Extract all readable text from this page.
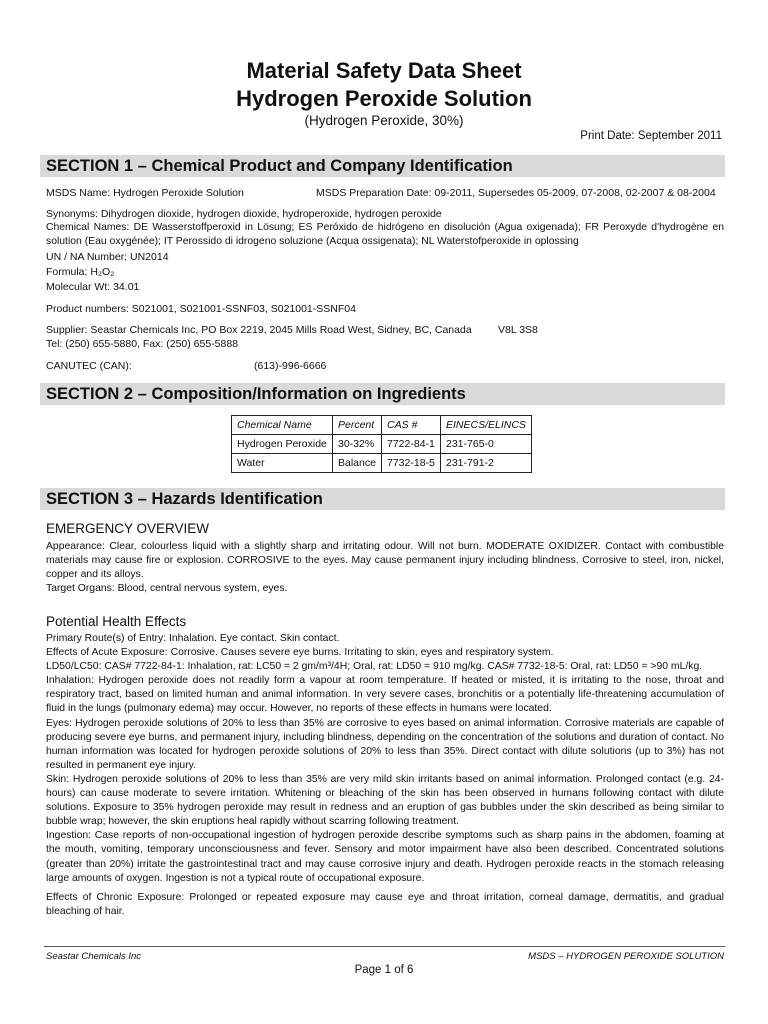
Material Safety Data Sheet
Hydrogen Peroxide Solution
(Hydrogen Peroxide, 30%)
Print Date: September 2011
SECTION 1 – Chemical Product and Company Identification
MSDS Name: Hydrogen Peroxide Solution	MSDS Preparation Date: 09-2011, Supersedes 05-2009, 07-2008, 02-2007 & 08-2004
Synonyms: Dihydrogen dioxide, hydrogen dioxide, hydroperoxide, hydrogen peroxide

Chemical Names: DE Wasserstoffperoxid in Lösung; ES Peróxido de hidrógeno en disolución (Agua oxigenada); FR Peroxyde d'hydrogène en solution (Eau oxygénée); IT Perossido di idrogeno soluzione (Acqua ossigenata); NL Waterstofperoxide in oplossing

UN / NA Number: UN2014
Formula: H₂O₂
Molecular Wt: 34.01
Product numbers: S021001, S021001-SSNF03, S021001-SSNF04
Supplier: Seastar Chemicals Inc, PO Box 2219, 2045 Mills Road West, Sidney, BC, Canada	V8L 3S8
Tel: (250) 655-5880, Fax: (250) 655-5888
CANUTEC (CAN):	(613)-996-6666
SECTION 2 – Composition/Information on Ingredients
Chemical Name	Percent	CAS #	EINECS/ELINCS
Hydrogen Peroxide	30-32%	7722-84-1	231-765-0
Water	Balance	7732-18-5	231-791-2
SECTION 3 – Hazards Identification
EMERGENCY OVERVIEW

Appearance: Clear, colourless liquid with a slightly sharp and irritating odour. Will not burn. MODERATE OXIDIZER. Contact with combustible materials may cause fire or explosion. CORROSIVE to the eyes. May cause permanent injury including blindness. Corrosive to steel, iron, nickel, copper and its alloys.

Target Organs: Blood, central nervous system, eyes.

Potential Health Effects

Primary Route(s) of Entry: Inhalation. Eye contact. Skin contact.

Effects of Acute Exposure: Corrosive. Causes severe eye burns. Irritating to skin, eyes and respiratory system.

LD50/LC50: CAS# 7722-84-1: Inhalation, rat: LC50 = 2 gm/m³/4H; Oral, rat: LD50 = 910 mg/kg. CAS# 7732-18-5: Oral, rat: LD50 = >90 mL/kg.

Inhalation: Hydrogen peroxide does not readily form a vapour at room temperature. If heated or misted, it is irritating to the nose, throat and respiratory tract, based on limited human and animal information. In very severe cases, bronchitis or a potentially life-threatening accumulation of fluid in the lungs (pulmonary edema) may occur. However, no reports of these effects in humans were located.

Eyes: Hydrogen peroxide solutions of 20% to less than 35% are corrosive to eyes based on animal information. Corrosive materials are capable of producing severe eye burns, and permanent injury, including blindness, depending on the concentration of the solutions and duration of contact. No human information was located for hydrogen peroxide solutions of 20% to less than 35%. Direct contact with dilute solutions (up to 3%) has not resulted in permanent eye injury.

Skin: Hydrogen peroxide solutions of 20% to less than 35% are very mild skin irritants based on animal information. Prolonged contact (e.g. 24-hours) can cause moderate to severe irritation. Whitening or bleaching of the skin has been observed in humans following contact with dilute solutions. Exposure to 35% hydrogen peroxide may result in redness and an eruption of gas bubbles under the skin described as being similar to bubble wrap; however, the skin eruptions heal rapidly without scarring following treatment.

Ingestion: Case reports of non-occupational ingestion of hydrogen peroxide describe symptoms such as sharp pains in the abdomen, foaming at the mouth, vomiting, temporary unconsciousness and fever. Sensory and motor impairment have also been described. Concentrated solutions (greater than 20%) irritate the gastrointestinal tract and may cause corrosive injury and death. Hydrogen peroxide reacts in the stomach releasing large amounts of oxygen. Ingestion is not a typical route of occupational exposure.

Effects of Chronic Exposure: Prolonged or repeated exposure may cause eye and throat irritation, corneal damage, dermatitis, and gradual bleaching of hair.

Seastar Chemicals Inc	MSDS – HYDROGEN PEROXIDE SOLUTION
Page 1 of 6
